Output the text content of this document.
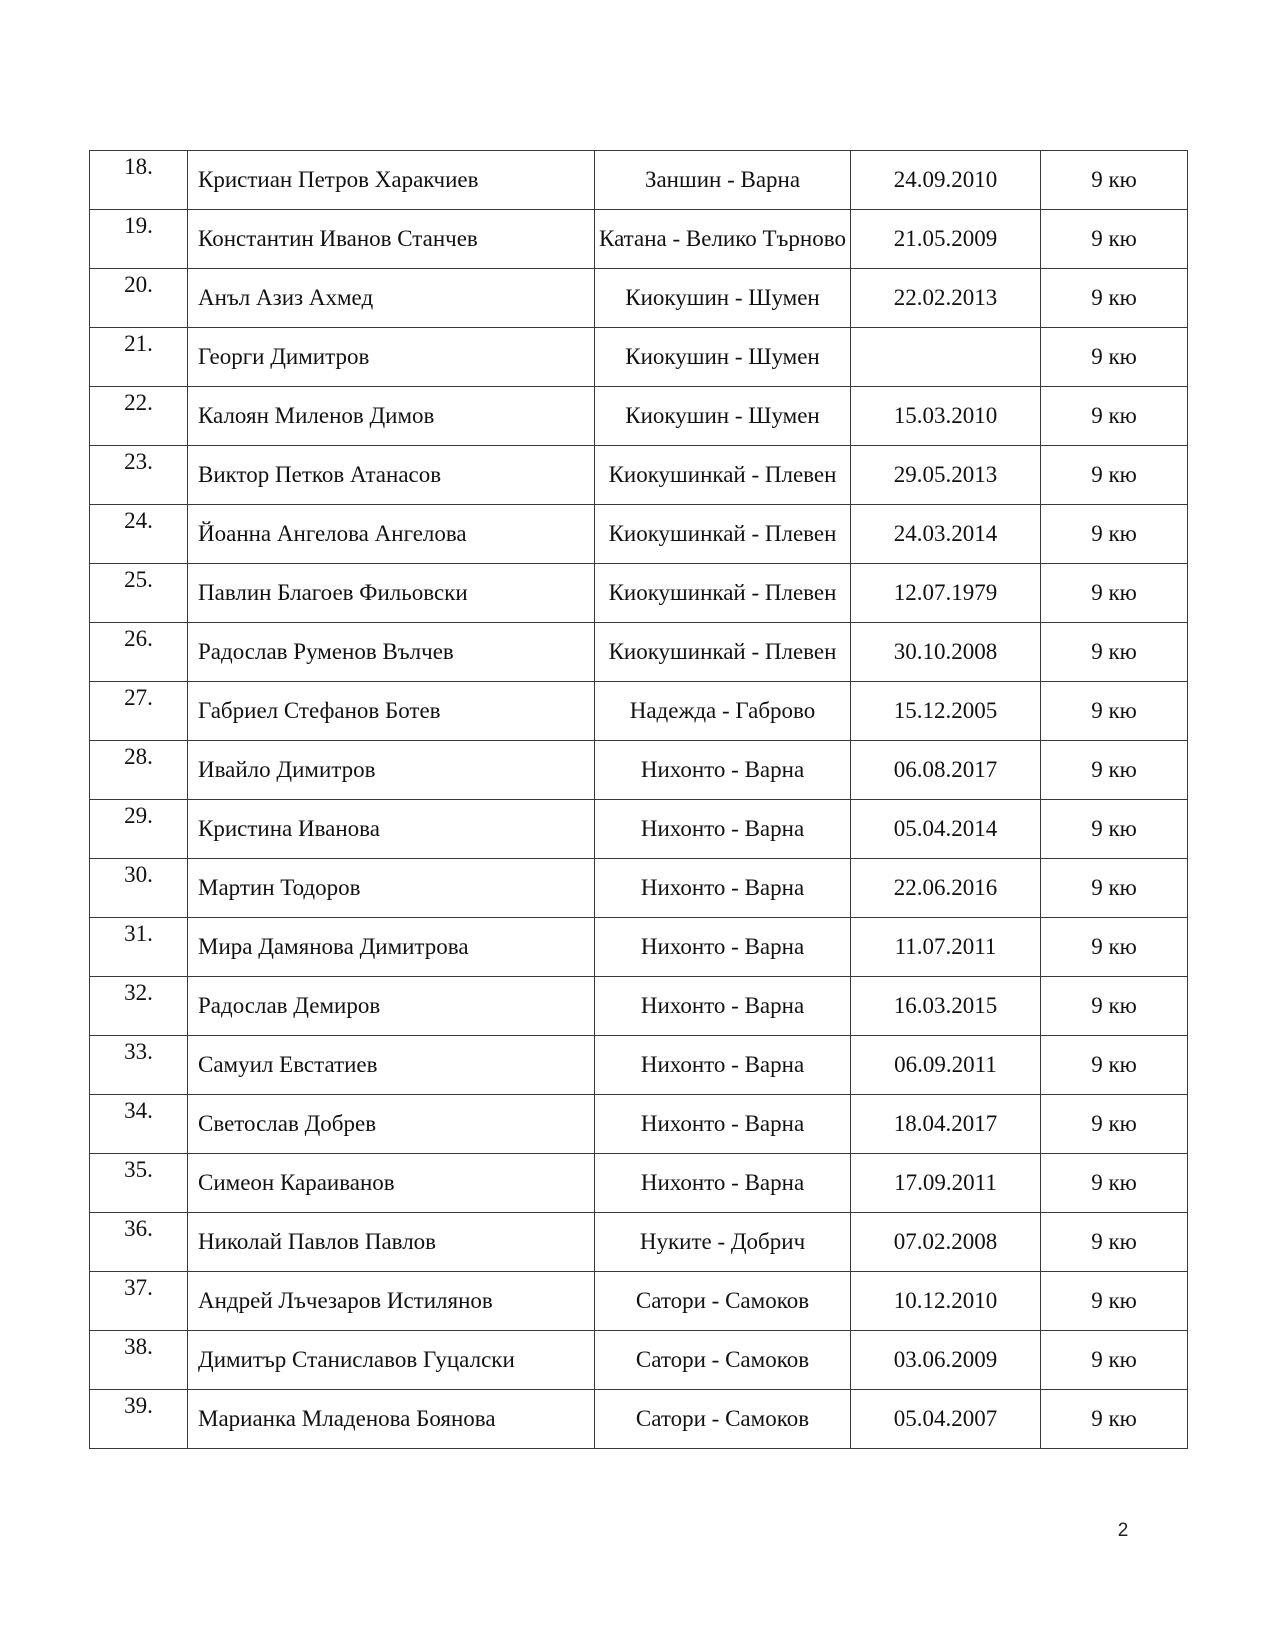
18.	Кристиан Петров Харакчиев	Заншин - Варна	24.09.2010	9 кю
19.	Константин Иванов Станчев	Катана - Велико Търново	21.05.2009	9 кю
20.	Анъл Азиз Ахмед	Киокушин - Шумен	22.02.2013	9 кю
21.	Георги Димитров	Киокушин - Шумен		9 кю
22.	Калоян Миленов Димов	Киокушин - Шумен	15.03.2010	9 кю
23.	Виктор Петков Атанасов	Киокушинкай - Плевен	29.05.2013	9 кю
24.	Йоанна Ангелова Ангелова	Киокушинкай - Плевен	24.03.2014	9 кю
25.	Павлин Благоев Фильовски	Киокушинкай - Плевен	12.07.1979	9 кю
26.	Радослав Руменов Вълчев	Киокушинкай - Плевен	30.10.2008	9 кю
27.	Габриел Стефанов Ботев	Надежда - Габрово	15.12.2005	9 кю
28.	Ивайло Димитров	Нихонто - Варна	06.08.2017	9 кю
29.	Кристина Иванова	Нихонто - Варна	05.04.2014	9 кю
30.	Мартин Тодоров	Нихонто - Варна	22.06.2016	9 кю
31.	Мира Дамянова Димитрова	Нихонто - Варна	11.07.2011	9 кю
32.	Радослав Демиров	Нихонто - Варна	16.03.2015	9 кю
33.	Самуил Евстатиев	Нихонто - Варна	06.09.2011	9 кю
34.	Светослав Добрев	Нихонто - Варна	18.04.2017	9 кю
35.	Симеон Караиванов	Нихонто - Варна	17.09.2011	9 кю
36.	Николай Павлов Павлов	Нуките - Добрич	07.02.2008	9 кю
37.	Андрей Лъчезаров Истилянов	Сатори - Самоков	10.12.2010	9 кю
38.	Димитър Станиславов Гуцалски	Сатори - Самоков	03.06.2009	9 кю
39.	Марианка Младенова Боянова	Сатори - Самоков	05.04.2007	9 кю
2
